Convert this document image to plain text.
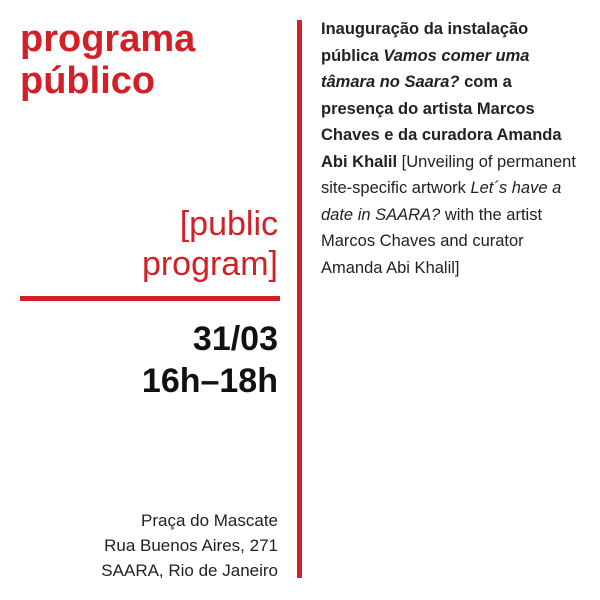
programa
público
[public
program]
31/03
16h–18h
Praça do Mascate
Rua Buenos Aires, 271
SAARA, Rio de Janeiro
Inauguração da instalação pública Vamos comer uma tâmara no Saara? com a presença do artista Marcos Chaves e da curadora Amanda Abi Khalil [Unveiling of permanent site-specific artwork Let´s have a date in SAARA? with the artist Marcos Chaves and curator Amanda Abi Khalil]
